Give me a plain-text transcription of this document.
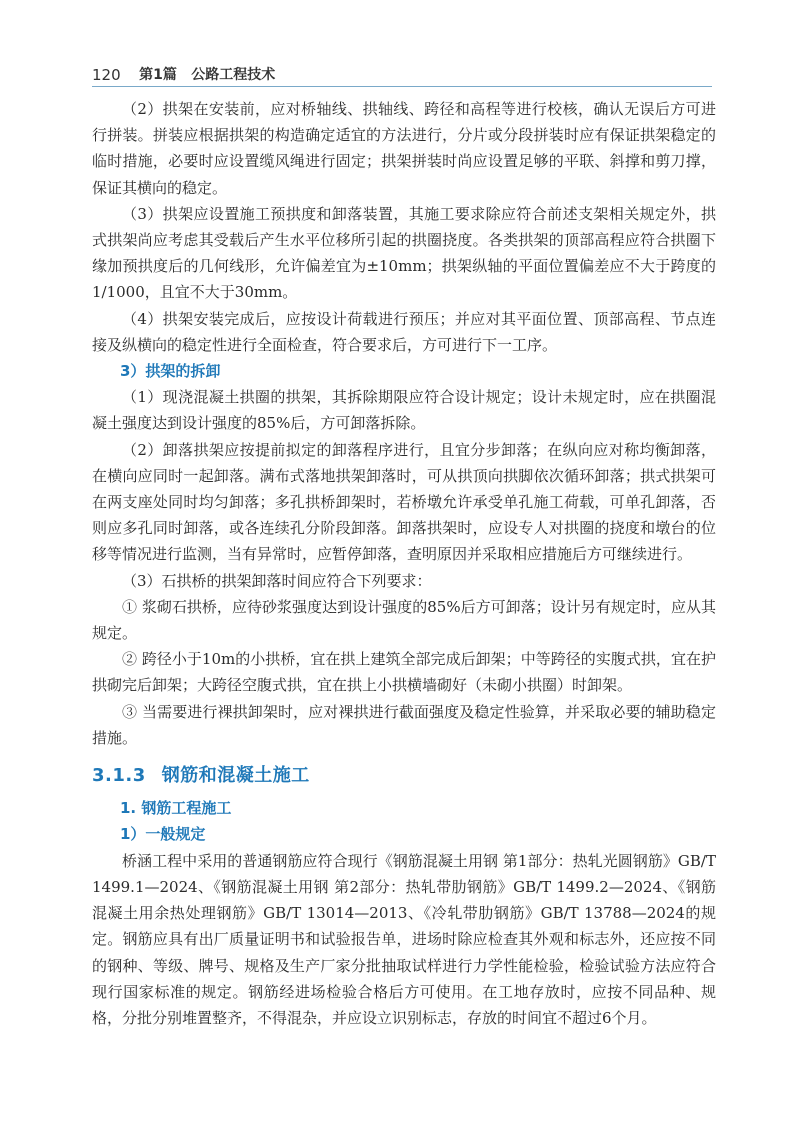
120 第1篇 公路工程技术

（2）拱架在安装前，应对桥轴线、拱轴线、跨径和高程等进行校核，确认无误后方可进行拼装。拼装应根据拱架的构造确定适宜的方法进行，分片或分段拼装时应有保证拱架稳定的临时措施，必要时应设置缆风绳进行固定；拱架拼装时尚应设置足够的平联、斜撑和剪刀撑，保证其横向的稳定。

（3）拱架应设置施工预拱度和卸落装置，其施工要求除应符合前述支架相关规定外，拱式拱架尚应考虑其受载后产生水平位移所引起的拱圈挠度。各类拱架的顶部高程应符合拱圈下缘加预拱度后的几何线形，允许偏差宜为±10mm；拱架纵轴的平面位置偏差应不大于跨度的1/1000，且宜不大于30mm。

（4）拱架安装完成后，应按设计荷载进行预压；并应对其平面位置、顶部高程、节点连接及纵横向的稳定性进行全面检查，符合要求后，方可进行下一工序。

3）拱架的拆卸

（1）现浇混凝土拱圈的拱架，其拆除期限应符合设计规定；设计未规定时，应在拱圈混凝土强度达到设计强度的85%后，方可卸落拆除。

（2）卸落拱架应按提前拟定的卸落程序进行，且宜分步卸落；在纵向应对称均衡卸落，在横向应同时一起卸落。满布式落地拱架卸落时，可从拱顶向拱脚依次循环卸落；拱式拱架可在两支座处同时均匀卸落；多孔拱桥卸架时，若桥墩允许承受单孔施工荷载，可单孔卸落，否则应多孔同时卸落，或各连续孔分阶段卸落。卸落拱架时，应设专人对拱圈的挠度和墩台的位移等情况进行监测，当有异常时，应暂停卸落，查明原因并采取相应措施后方可继续进行。

（3）石拱桥的拱架卸落时间应符合下列要求：

① 浆砌石拱桥，应待砂浆强度达到设计强度的85%后方可卸落；设计另有规定时，应从其规定。

② 跨径小于10m的小拱桥，宜在拱上建筑全部完成后卸架；中等跨径的实腹式拱，宜在护拱砌完后卸架；大跨径空腹式拱，宜在拱上小拱横墙砌好（未砌小拱圈）时卸架。

③ 当需要进行裸拱卸架时，应对裸拱进行截面强度及稳定性验算，并采取必要的辅助稳定措施。

3.1.3 钢筋和混凝土施工
1. 钢筋工程施工
1）一般规定

桥涵工程中采用的普通钢筋应符合现行《钢筋混凝土用钢 第1部分：热轧光圆钢筋》GB/T 1499.1—2024、《钢筋混凝土用钢 第2部分：热轧带肋钢筋》GB/T 1499.2—2024、《钢筋混凝土用余热处理钢筋》GB/T 13014—2013、《冷轧带肋钢筋》GB/T 13788—2024的规定。钢筋应具有出厂质量证明书和试验报告单，进场时除应检查其外观和标志外，还应按不同的钢种、等级、牌号、规格及生产厂家分批抽取试样进行力学性能检验，检验试验方法应符合现行国家标准的规定。钢筋经进场检验合格后方可使用。在工地存放时，应按不同品种、规格，分批分别堆置整齐，不得混杂，并应设立识别标志，存放的时间宜不超过6个月。
